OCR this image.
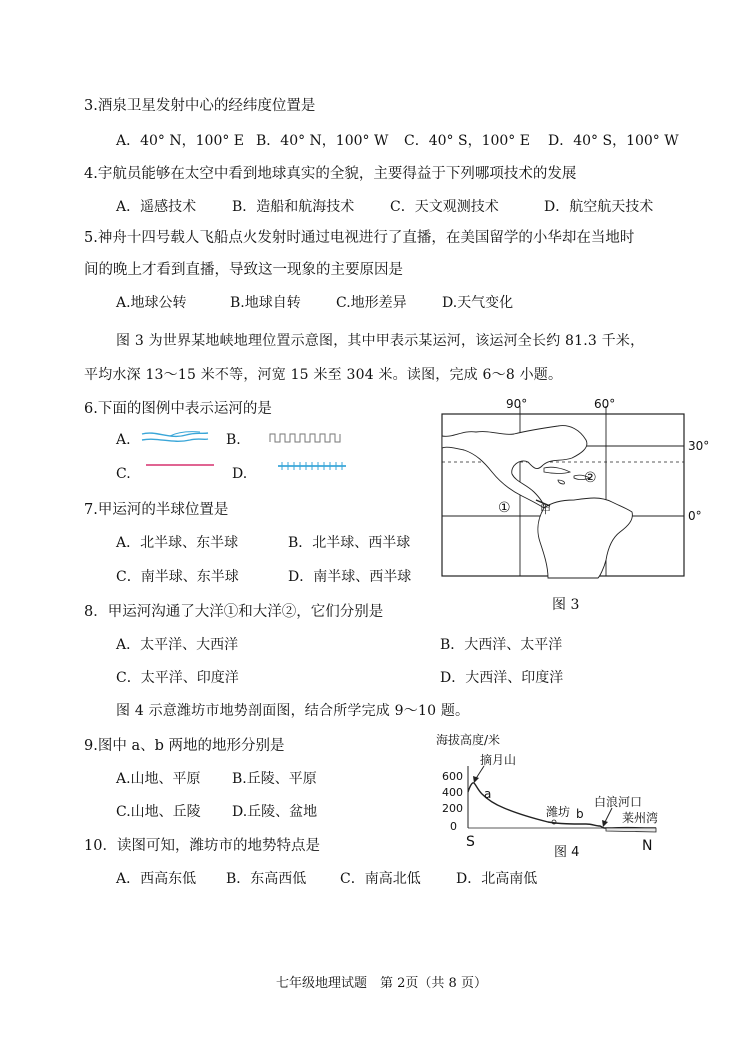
3.酒泉卫星发射中心的经纬度位置是
A．40° N，100° E B．40° N，100° W C．40° S，100° E D．40° S，100° W
4.宇航员能够在太空中看到地球真实的全貌，主要得益于下列哪项技术的发展
A．遥感技术	B．造船和航海技术	C．天文观测技术	D．航空航天技术
5.神舟十四号载人飞船点火发射时通过电视进行了直播，在美国留学的小华却在当地时
间的晚上才看到直播，导致这一现象的主要原因是
A.地球公转	B.地球自转	C.地形差异	D.天气变化
图 3 为世界某地峡地理位置示意图，其中甲表示某运河，该运河全长约 81.3 千米，
平均水深 13～15 米不等，河宽 15 米至 304 米。读图，完成 6～8 小题。
6.下面的图例中表示运河的是
A.	B.
C.	D.
7.甲运河的半球位置是
A．北半球、东半球	B．北半球、西半球
C．南半球、东半球	D．南半球、西半球
甲
①
②
90°	60°
30°
0°
图 3
8．甲运河沟通了大洋①和大洋②，它们分别是
A．太平洋、大西洋	B．大西洋、太平洋
C．太平洋、印度洋	D．大西洋、印度洋
图 4 示意潍坊市地势剖面图，结合所学完成 9～10 题。
9.图中 a、b 两地的地形分别是
A.山地、平原 B.丘陵、平原
C.山地、丘陵 D.丘陵、盆地
10．读图可知，潍坊市的地势特点是
A．西高东低 B．东高西低 C．南高北低	D．北高南低
海拔高度/米
600
400
200
0
摘月山
a
潍坊 b
白浪河口
莱州湾
S	N
图 4
七年级地理试题　第 2页（共 8 页）
